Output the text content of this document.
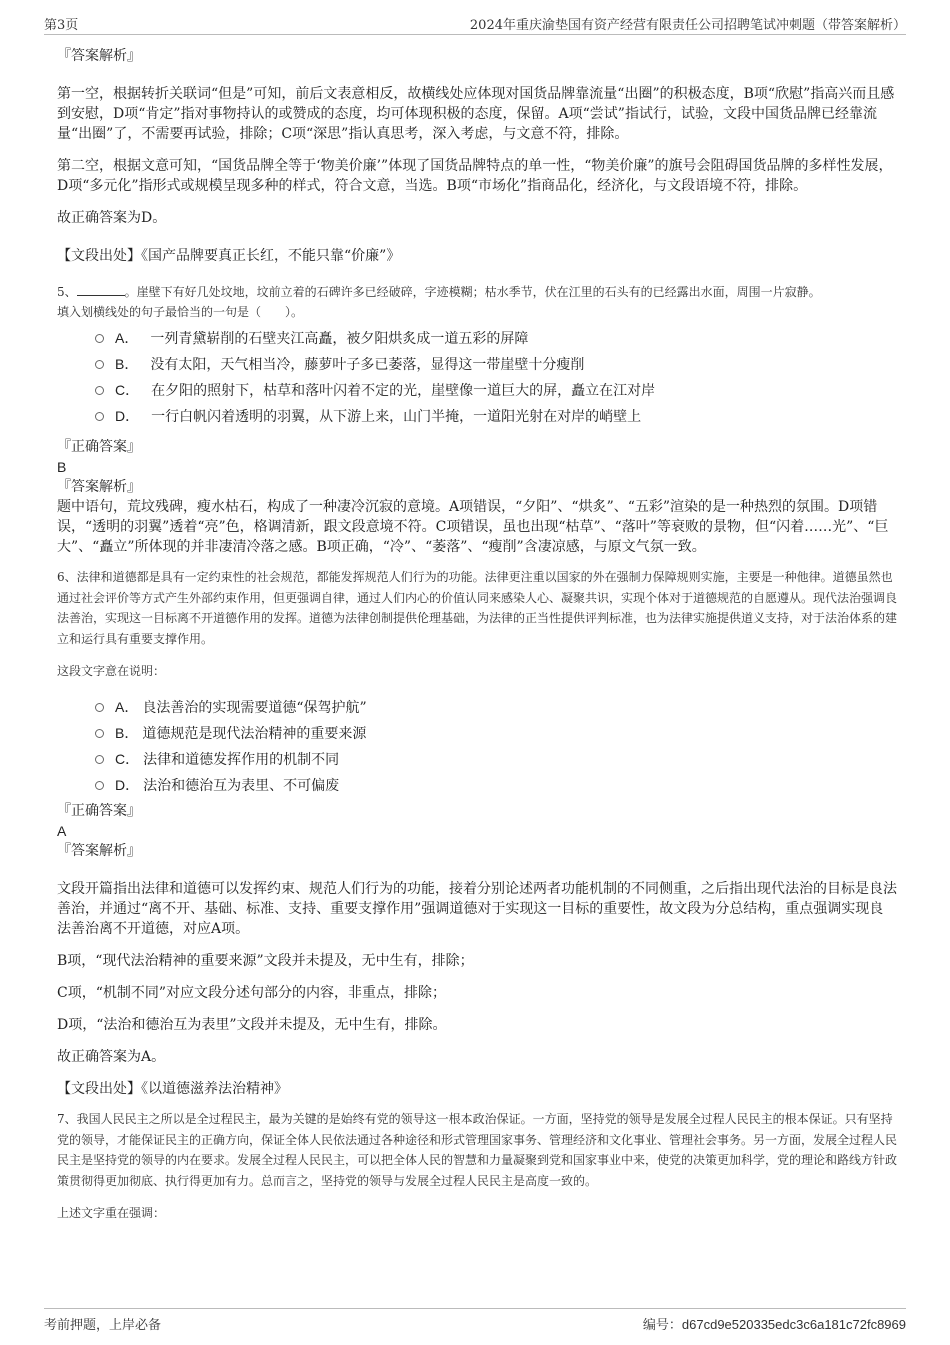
第3页	2024年重庆渝垫国有资产经营有限责任公司招聘笔试冲刺题（带答案解析）

『答案解析』

第一空，根据转折关联词“但是”可知，前后文表意相反，故横线处应体现对国货品牌靠流量“出圈”的积极态度，B项“欣慰”指高兴而且感到安慰，D项“肯定”指对事物持认的或赞成的态度，均可体现积极的态度，保留。A项“尝试”指试行，试验，文段中国货品牌已经靠流量“出圈”了，不需要再试验，排除；C项“深思”指认真思考，深入考虑，与文意不符，排除。

第二空，根据文意可知，“国货品牌全等于‘物美价廉’”体现了国货品牌特点的单一性，“物美价廉”的旗号会阻碍国货品牌的多样性发展，D项“多元化”指形式或规模呈现多种的样式，符合文意，当选。B项“市场化”指商品化，经济化，与文段语境不符，排除。

故正确答案为D。

【文段出处】《国产品牌要真正长红，不能只靠“价廉”》

5、	。崖壁下有好几处坟地，坟前立着的石碑许多已经破碎，字迹模糊；枯水季节，伏在江里的石头有的已经露出水面，周围一片寂静。

填入划横线处的句子最恰当的一句是（　　）。

A． 一列青黛崭削的石壁夹江高矗，被夕阳烘炙成一道五彩的屏障
B． 没有太阳，天气相当冷，藤萝叶子多已萎落，显得这一带崖壁十分瘦削
C． 在夕阳的照射下，枯草和落叶闪着不定的光，崖壁像一道巨大的屏，矗立在江对岸
D． 一行白帆闪着透明的羽翼，从下游上来，山门半掩，一道阳光射在对岸的峭壁上

『正确答案』

B

『答案解析』

题中语句，荒坟残碑，瘦水枯石，构成了一种凄冷沉寂的意境。A项错误，“夕阳”、“烘炙”、“五彩”渲染的是一种热烈的氛围。D项错误，“透明的羽翼”透着“亮”色，格调清新，跟文段意境不符。C项错误，虽也出现“枯草”、“落叶”等衰败的景物，但“闪着……光”、“巨大”、“矗立”所体现的并非凄清冷落之感。B项正确，“冷”、“萎落”、“瘦削”含凄凉感，与原文气氛一致。

6、法律和道德都是具有一定约束性的社会规范，都能发挥规范人们行为的功能。法律更注重以国家的外在强制力保障规则实施，主要是一种他律。道德虽然也通过社会评价等方式产生外部约束作用，但更强调自律，通过人们内心的价值认同来感染人心、凝聚共识，实现个体对于道德规范的自愿遵从。现代法治强调良法善治，实现这一目标离不开道德作用的发挥。道德为法律创制提供伦理基础，为法律的正当性提供评判标准，也为法律实施提供道义支持，对于法治体系的建立和运行具有重要支撑作用。

这段文字意在说明：

A． 良法善治的实现需要道德“保驾护航”
B． 道德规范是现代法治精神的重要来源
C． 法律和道德发挥作用的机制不同
D． 法治和德治互为表里、不可偏废

『正确答案』

A

『答案解析』

文段开篇指出法律和道德可以发挥约束、规范人们行为的功能，接着分别论述两者功能机制的不同侧重，之后指出现代法治的目标是良法善治，并通过“离不开、基础、标准、支持、重要支撑作用”强调道德对于实现这一目标的重要性，故文段为分总结构，重点强调实现良法善治离不开道德，对应A项。

B项，“现代法治精神的重要来源”文段并未提及，无中生有，排除；

C项，“机制不同”对应文段分述句部分的内容，非重点，排除；

D项，“法治和德治互为表里”文段并未提及，无中生有，排除。

故正确答案为A。

【文段出处】《以道德滋养法治精神》

7、我国人民民主之所以是全过程民主，最为关键的是始终有党的领导这一根本政治保证。一方面，坚持党的领导是发展全过程人民民主的根本保证。只有坚持党的领导，才能保证民主的正确方向，保证全体人民依法通过各种途径和形式管理国家事务、管理经济和文化事业、管理社会事务。另一方面，发展全过程人民民主是坚持党的领导的内在要求。发展全过程人民民主，可以把全体人民的智慧和力量凝聚到党和国家事业中来，使党的决策更加科学，党的理论和路线方针政策贯彻得更加彻底、执行得更加有力。总而言之，坚持党的领导与发展全过程人民民主是高度一致的。

上述文字重在强调：

考前押题，上岸必备	编号：d67cd9e520335edc3c6a181c72fc8969
